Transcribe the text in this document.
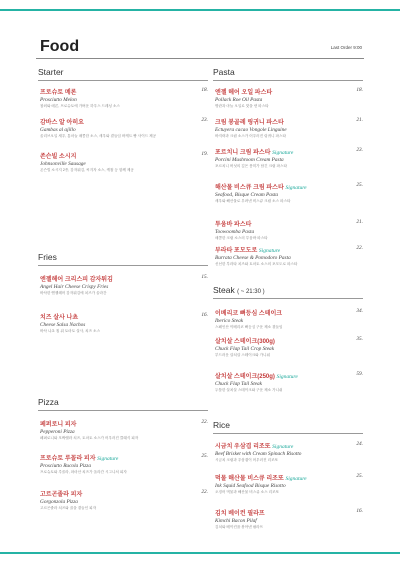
Food	Last Order 9:00
Starter
프로슈토 메론
Prosciutto Melon
참외와 메론, 프로슈토에 가벼운 하우스 드레싱 소스
18.
감바스 알 아히요
Gambas al ajillo
올리브오일 새우, 통마늘 매콤한 소스, 새우와 곁들임 바게트 빵 사이드 제공
23.
존슨빌 소시지
Johnsonville Sausage
존슨빌 소시지 2종, 감자튀김, 씨겨자 소스, 케찹 등 함께 제공
19.
Fries
엔젤헤어 크리스피 감자튀김
Angel Hair Cheese Crispy Fries
바삭한 엔젤헤어 감자튀김에 치즈가 올라간
15.
치즈 살사 나쵸
Cheese Salsa Nachos
바삭 나쵸 칩 위 토마토 살사, 치즈 소스
16.
Pizza
페퍼로니 피자
Pepperoni Pizza
페퍼로니와 모짜렐라 치즈, 토마토 소스가 어우러진 클래식 피자
22.
프로슈토 루꼴라 피자 Signature
Prosciutto Rucola Pizza
프로슈토와 루꼴라, 파마산 치즈가 올라간 시그니처 피자
25.
고르곤졸라 피자
Gorgonzola Pizza
고르곤졸라 치즈와 꿀을 곁들인 피자
22.
Pasta
엔젤 헤어 오일 파스타
Pollack Roe Oil Pasta
명란과 마늘 오일로 맛을 낸 파스타
18.
크림 봉골레 링귀니 파스타
Ectuyera cacao Vongole Linguine
바지락과 크림 소스가 어우러진 링귀니 파스타
21.
포르치니 크림 파스타 Signature
Porcini Mushroom Cream Pasta
포르치니 버섯의 깊은 풍미가 담긴 크림 파스타
23.
해산물 비스큐 크림 파스타 Signature
Seafood, Bisque Cream Pasta
새우와 해산물로 우려낸 비스큐 크림 소스 파스타
25.
투움바 파스타
Toowoomba Pasta
매콤한 크림 소스의 투움바 파스타
21.
부라타 포모도로 Signature
Burrata Cheese & Pomodoro Pasta
신선한 부라타 치즈와 토마토 소스의 포모도로 파스타
22.
Steak ( ~ 21:30 )
이베리코 뼈등심 스테이크
Iberico Steak
스페인산 이베리코 뼈등심 구운 채소 곁들임
34.
살치살 스테이크(300g)
Chuck Flap Tail Crop Steak
부드러운 살치살 스테이크와 가니쉬
35.
살치살 스테이크(250g) Signature
Chuck Flap Tail Steak
두툼한 살치살 스테이크와 구운 채소 가니쉬
59.
Rice
시금치 우삼겹 리조또 Signature
Beef Brisket with Cream Spinach Risotto
시금치 크림과 우삼겹이 어우러진 리조또
24.
먹물 해산물 비스큐 리조또 Signature
Ink Squid Seafood Bisque Risotto
오징어 먹물과 해산물 비스큐 소스 리조또
25.
김치 베이컨 필라프
Kimchi Bacon Pilaf
김치와 베이컨을 볶아낸 필라프
16.
